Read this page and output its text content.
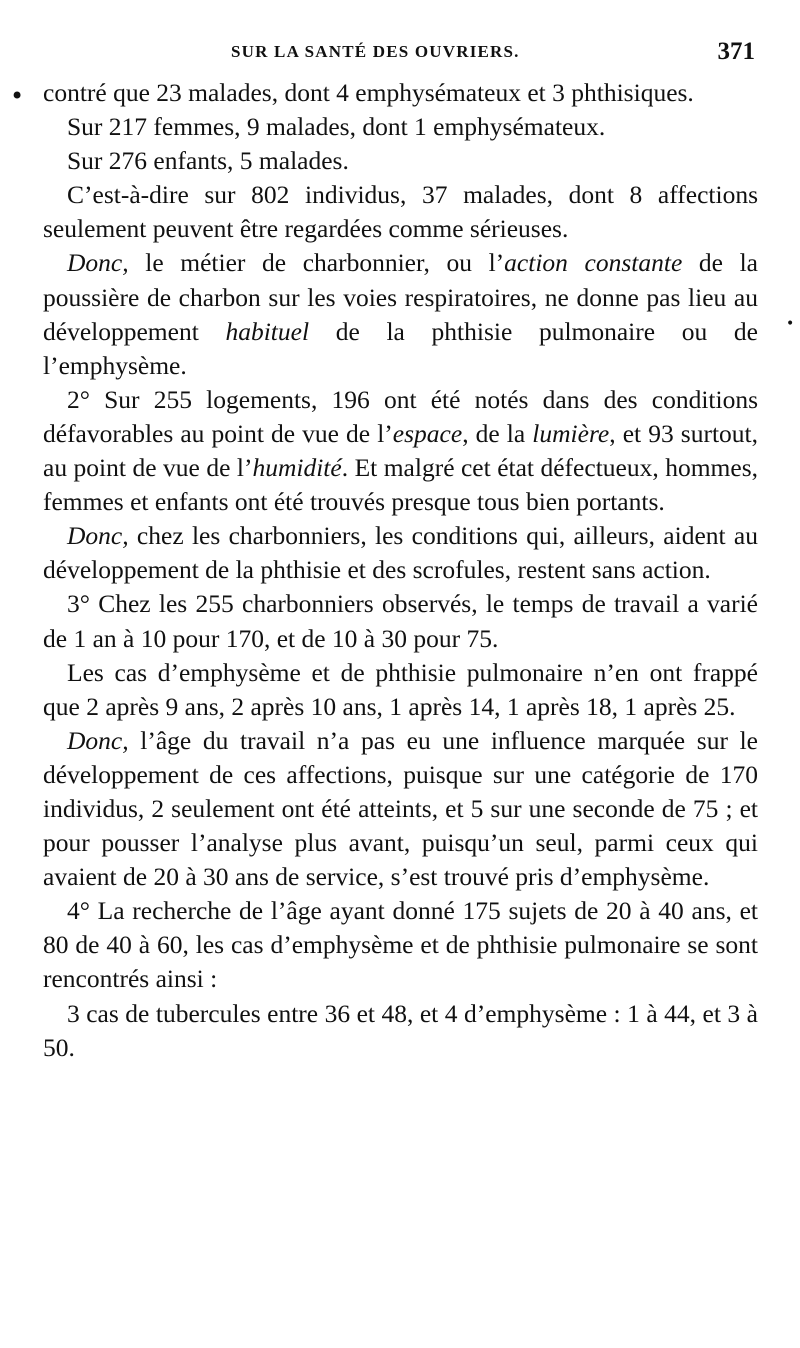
SUR LA SANTÉ DES OUVRIERS.	371
•
•

contré que 23 malades, dont 4 emphysémateux et 3 phthisiques.

Sur 217 femmes, 9 malades, dont 1 emphysémateux.

Sur 276 enfants, 5 malades.

C’est-à-dire sur 802 individus, 37 malades, dont 8 affections seulement peuvent être regardées comme sérieuses.

Donc, le métier de charbonnier, ou l’action constante de la poussière de charbon sur les voies respiratoires, ne donne pas lieu au développement habituel de la phthisie pulmonaire ou de l’emphysème.

2° Sur 255 logements, 196 ont été notés dans des conditions défavorables au point de vue de l’espace, de la lumière, et 93 surtout, au point de vue de l’humidité. Et malgré cet état défectueux, hommes, femmes et enfants ont été trouvés presque tous bien portants.

Donc, chez les charbonniers, les conditions qui, ailleurs, aident au développement de la phthisie et des scrofules, restent sans action.

3° Chez les 255 charbonniers observés, le temps de travail a varié de 1 an à 10 pour 170, et de 10 à 30 pour 75.

Les cas d’emphysème et de phthisie pulmonaire n’en ont frappé que 2 après 9 ans, 2 après 10 ans, 1 après 14, 1 après 18, 1 après 25.

Donc, l’âge du travail n’a pas eu une influence marquée sur le développement de ces affections, puisque sur une catégorie de 170 individus, 2 seulement ont été atteints, et 5 sur une seconde de 75 ; et pour pousser l’analyse plus avant, puisqu’un seul, parmi ceux qui avaient de 20 à 30 ans de service, s’est trouvé pris d’emphysème.

4° La recherche de l’âge ayant donné 175 sujets de 20 à 40 ans, et 80 de 40 à 60, les cas d’emphysème et de phthisie pulmonaire se sont rencontrés ainsi :

3 cas de tubercules entre 36 et 48, et 4 d’emphysème : 1 à 44, et 3 à 50.
